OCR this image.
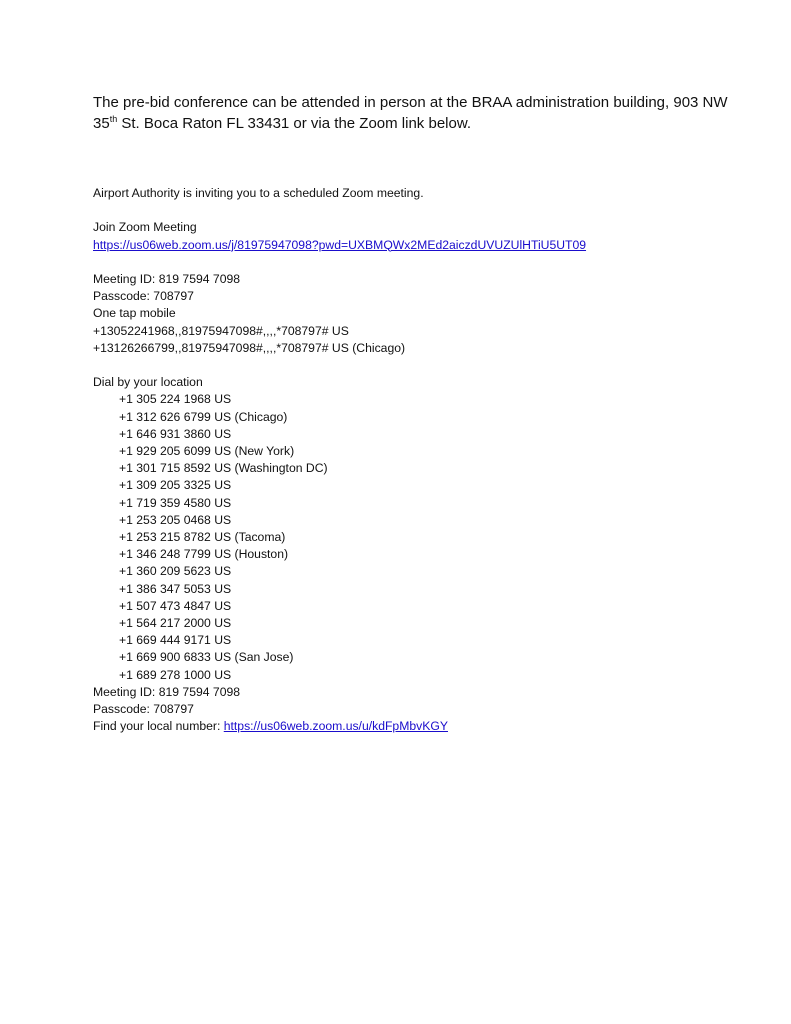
The pre-bid conference can be attended in person at the BRAA administration building, 903 NW 35th St. Boca Raton FL 33431 or via the Zoom link below.

Airport Authority is inviting you to a scheduled Zoom meeting.
Join Zoom Meeting
https://us06web.zoom.us/j/81975947098?pwd=UXBMQWx2MEd2aiczdUVUZUlHTiU5UT09
Meeting ID: 819 7594 7098
Passcode: 708797
One tap mobile
+13052241968,,81975947098#,,,,*708797# US
+13126266799,,81975947098#,,,,*708797# US (Chicago)
Dial by your location
+1 305 224 1968 US
+1 312 626 6799 US (Chicago)
+1 646 931 3860 US
+1 929 205 6099 US (New York)
+1 301 715 8592 US (Washington DC)
+1 309 205 3325 US
+1 719 359 4580 US
+1 253 205 0468 US
+1 253 215 8782 US (Tacoma)
+1 346 248 7799 US (Houston)
+1 360 209 5623 US
+1 386 347 5053 US
+1 507 473 4847 US
+1 564 217 2000 US
+1 669 444 9171 US
+1 669 900 6833 US (San Jose)
+1 689 278 1000 US
Meeting ID: 819 7594 7098
Passcode: 708797
Find your local number: https://us06web.zoom.us/u/kdFpMbvKGY
